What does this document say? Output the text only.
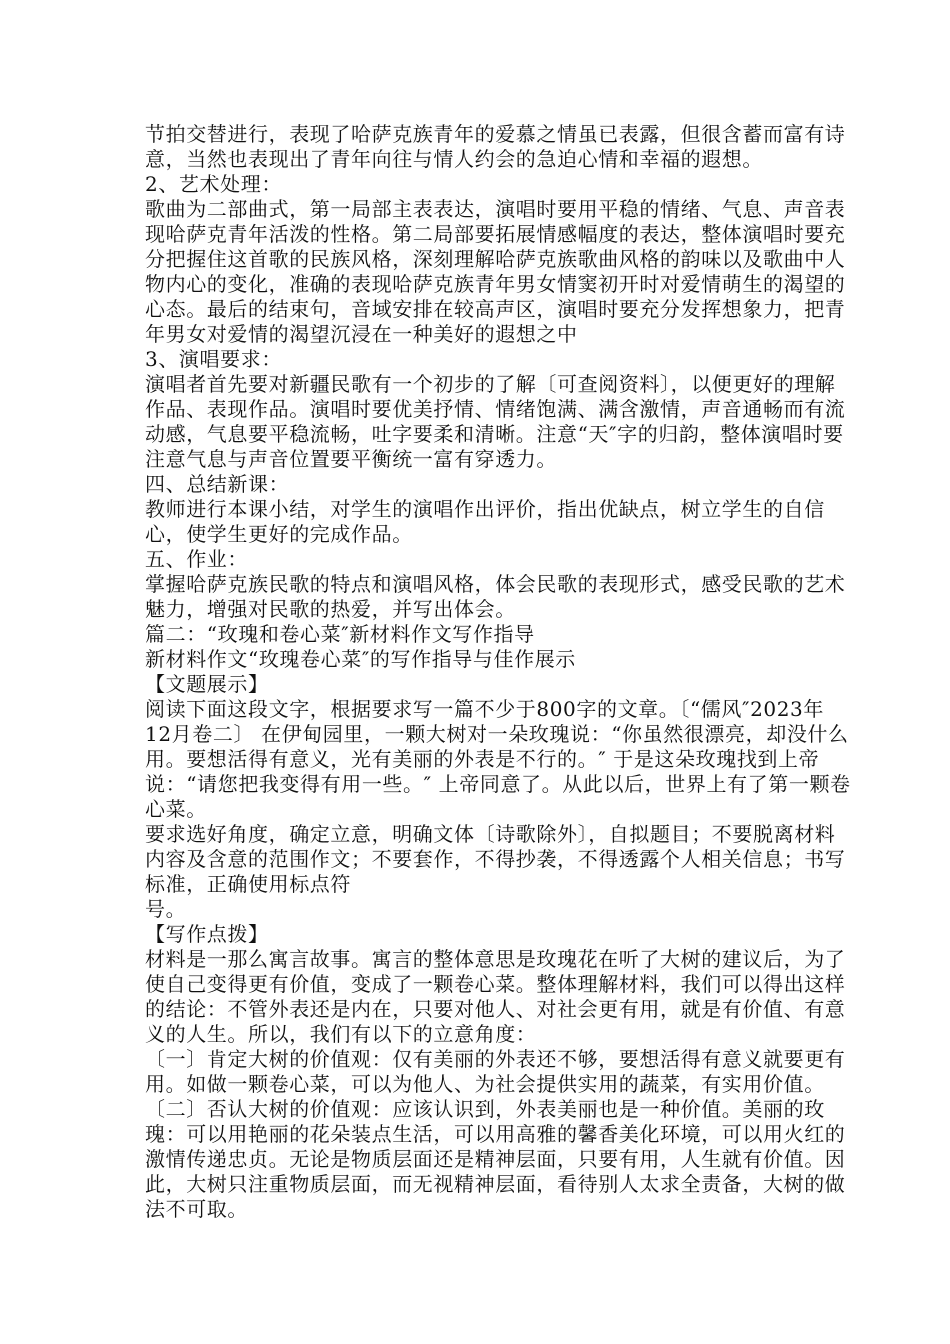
节拍交替进行，表现了哈萨克族青年的爱慕之情虽已表露，但很含蓄而富有诗
意，当然也表现出了青年向往与情人约会的急迫心情和幸福的遐想。
2、艺术处理：
歌曲为二部曲式，第一局部主表表达，演唱时要用平稳的情绪、气息、声音表
现哈萨克青年活泼的性格。第二局部要拓展情感幅度的表达，整体演唱时要充
分把握住这首歌的民族风格，深刻理解哈萨克族歌曲风格的韵味以及歌曲中人
物内心的变化，准确的表现哈萨克族青年男女情窦初开时对爱情萌生的渴望的
心态。最后的结束句，音域安排在较高声区，演唱时要充分发挥想象力，把青
年男女对爱情的渴望沉浸在一种美好的遐想之中
3、演唱要求：
演唱者首先要对新疆民歌有一个初步的了解〔可查阅资料〕，以便更好的理解
作品、表现作品。演唱时要优美抒情、情绪饱满、满含激情，声音通畅而有流
动感，气息要平稳流畅，吐字要柔和清晰。注意“天″字的归韵，整体演唱时要
注意气息与声音位置要平衡统一富有穿透力。
四、总结新课：
教师进行本课小结，对学生的演唱作出评价，指出优缺点，树立学生的自信
心，使学生更好的完成作品。
五、作业：
掌握哈萨克族民歌的特点和演唱风格，体会民歌的表现形式，感受民歌的艺术
魅力，增强对民歌的热爱，并写出体会。
篇二：“玫瑰和卷心菜″新材料作文写作指导
新材料作文“玫瑰卷心菜″的写作指导与佳作展示
【文题展示】
阅读下面这段文字，根据要求写一篇不少于800字的文章。〔“儒风″2023年
12月卷二〕 在伊甸园里，一颗大树对一朵玫瑰说：“你虽然很漂亮，却没什么
用。要想活得有意义，光有美丽的外表是不行的。″ 于是这朵玫瑰找到上帝
说：“请您把我变得有用一些。″ 上帝同意了。从此以后，世界上有了第一颗卷
心菜。
要求选好角度，确定立意，明确文体〔诗歌除外〕，自拟题目；不要脱离材料
内容及含意的范围作文；不要套作，不得抄袭，不得透露个人相关信息；书写
标准，正确使用标点符
号。
【写作点拨】
材料是一那么寓言故事。寓言的整体意思是玫瑰花在听了大树的建议后，为了
使自己变得更有价值，变成了一颗卷心菜。整体理解材料，我们可以得出这样
的结论：不管外表还是内在，只要对他人、对社会更有用，就是有价值、有意
义的人生。所以，我们有以下的立意角度：
〔一〕肯定大树的价值观：仅有美丽的外表还不够，要想活得有意义就要更有
用。如做一颗卷心菜，可以为他人、为社会提供实用的蔬菜，有实用价值。
〔二〕否认大树的价值观：应该认识到，外表美丽也是一种价值。美丽的玫
瑰：可以用艳丽的花朵装点生活，可以用高雅的馨香美化环境，可以用火红的
激情传递忠贞。无论是物质层面还是精神层面，只要有用，人生就有价值。因
此，大树只注重物质层面，而无视精神层面，看待别人太求全责备，大树的做
法不可取。
